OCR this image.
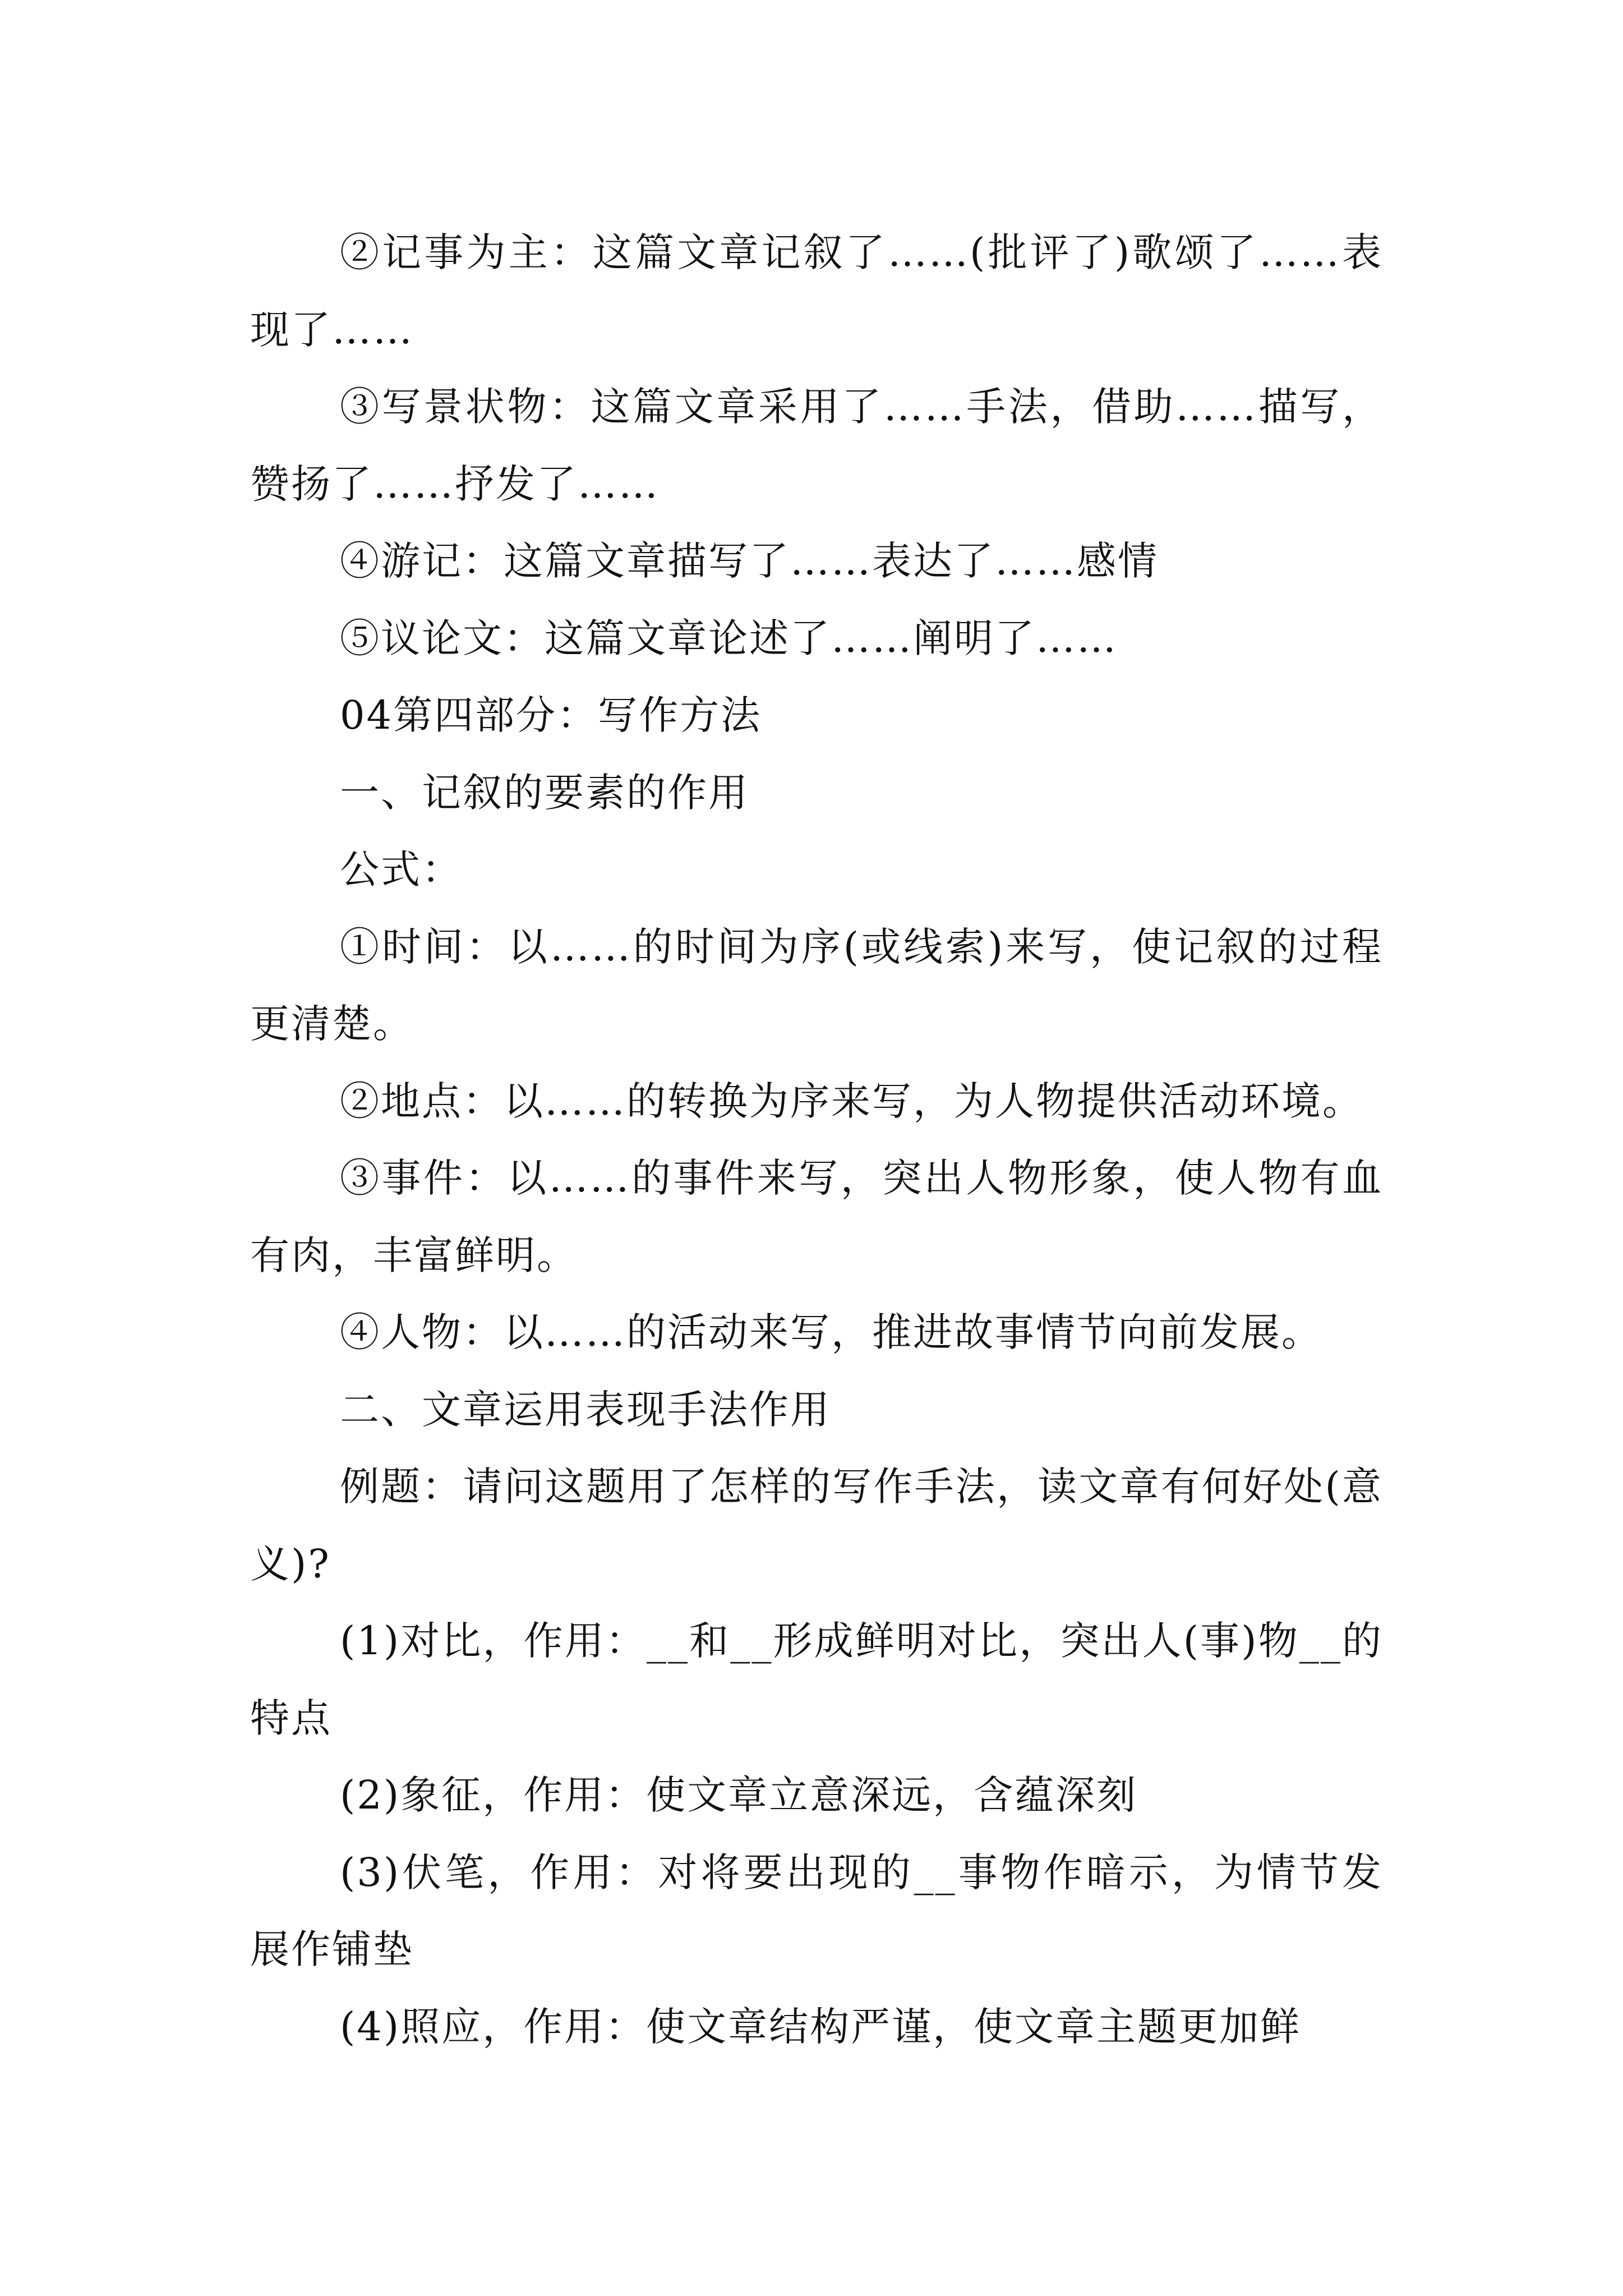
②记事为主：这篇文章记叙了……(批评了)歌颂了……表现了……

③写景状物：这篇文章采用了……手法，借助……描写，赞扬了……抒发了……

④游记：这篇文章描写了……表达了……感情

⑤议论文：这篇文章论述了……阐明了……

04第四部分：写作方法

一、记叙的要素的作用

公式：

①时间：以……的时间为序(或线索)来写，使记叙的过程更清楚。

②地点：以……的转换为序来写，为人物提供活动环境。

③事件：以……的事件来写，突出人物形象，使人物有血有肉，丰富鲜明。

④人物：以……的活动来写，推进故事情节向前发展。

二、文章运用表现手法作用

例题：请问这题用了怎样的写作手法，读文章有何好处(意义)?

(1)对比，作用：__和__形成鲜明对比，突出人(事)物__的特点

(2)象征，作用：使文章立意深远，含蕴深刻

(3)伏笔，作用：对将要出现的__事物作暗示，为情节发展作铺垫

(4)照应，作用：使文章结构严谨，使文章主题更加鲜
